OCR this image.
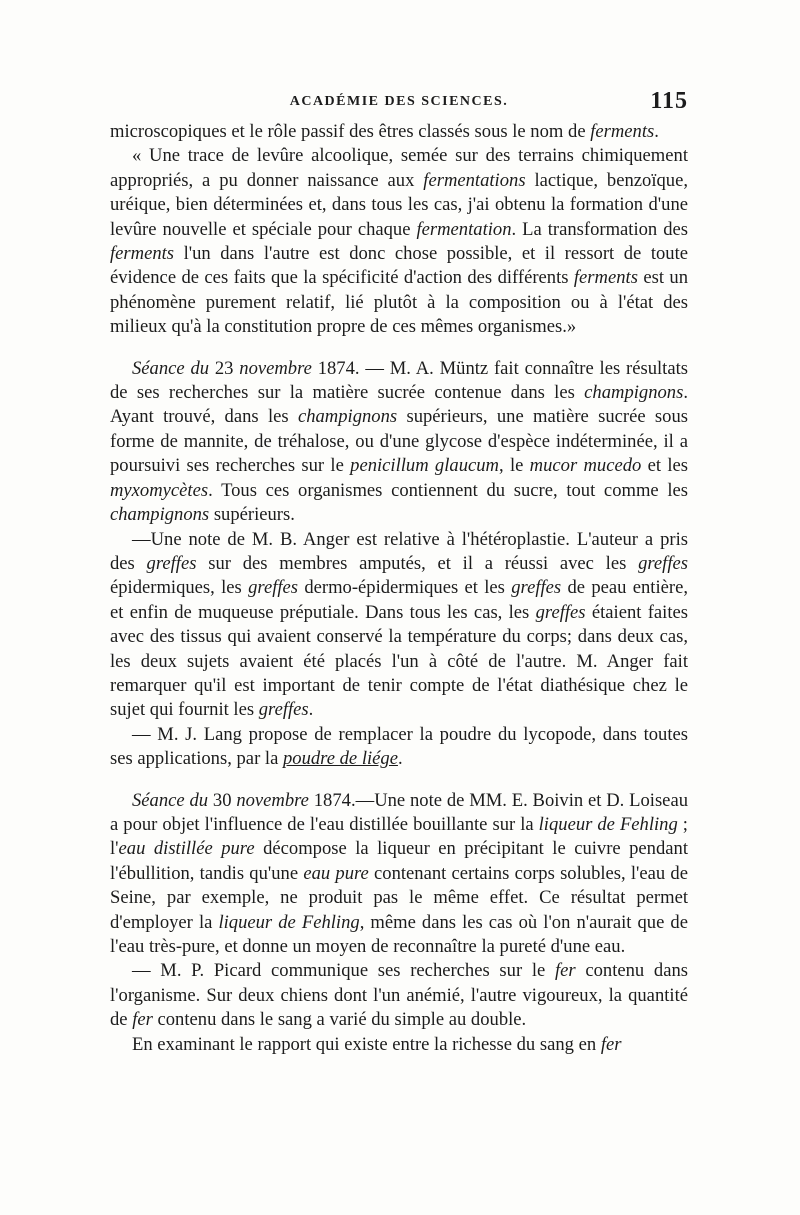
ACADÉMIE DES SCIENCES.	115

microscopiques et le rôle passif des êtres classés sous le nom de ferments.

« Une trace de levûre alcoolique, semée sur des terrains chimiquement appropriés, a pu donner naissance aux fermentations lactique, benzoïque, uréique, bien déterminées et, dans tous les cas, j'ai obtenu la formation d'une levûre nouvelle et spéciale pour chaque fermentation. La transformation des ferments l'un dans l'autre est donc chose possible, et il ressort de toute évidence de ces faits que la spécificité d'action des différents ferments est un phénomène purement relatif, lié plutôt à la composition ou à l'état des milieux qu'à la constitution propre de ces mêmes organismes.»

Séance du 23 novembre 1874. — M. A. Müntz fait connaître les résultats de ses recherches sur la matière sucrée contenue dans les champignons. Ayant trouvé, dans les champignons supérieurs, une matière sucrée sous forme de mannite, de tréhalose, ou d'une glycose d'espèce indéterminée, il a poursuivi ses recherches sur le penicillum glaucum, le mucor mucedo et les myxomycètes. Tous ces organismes contiennent du sucre, tout comme les champignons supérieurs.

—Une note de M. B. Anger est relative à l'hétéroplastie. L'auteur a pris des greffes sur des membres amputés, et il a réussi avec les greffes épidermiques, les greffes dermo-épidermiques et les greffes de peau entière, et enfin de muqueuse préputiale. Dans tous les cas, les greffes étaient faites avec des tissus qui avaient conservé la température du corps; dans deux cas, les deux sujets avaient été placés l'un à côté de l'autre. M. Anger fait remarquer qu'il est important de tenir compte de l'état diathésique chez le sujet qui fournit les greffes.

— M. J. Lang propose de remplacer la poudre du lycopode, dans toutes ses applications, par la poudre de liége.

Séance du 30 novembre 1874.—Une note de MM. E. Boivin et D. Loiseau a pour objet l'influence de l'eau distillée bouillante sur la liqueur de Fehling ; l'eau distillée pure décompose la liqueur en précipitant le cuivre pendant l'ébullition, tandis qu'une eau pure contenant certains corps solubles, l'eau de Seine, par exemple, ne produit pas le même effet. Ce résultat permet d'employer la liqueur de Fehling, même dans les cas où l'on n'aurait que de l'eau très-pure, et donne un moyen de reconnaître la pureté d'une eau.

— M. P. Picard communique ses recherches sur le fer contenu dans l'organisme. Sur deux chiens dont l'un anémié, l'autre vigoureux, la quantité de fer contenu dans le sang a varié du simple au double.

En examinant le rapport qui existe entre la richesse du sang en fer
